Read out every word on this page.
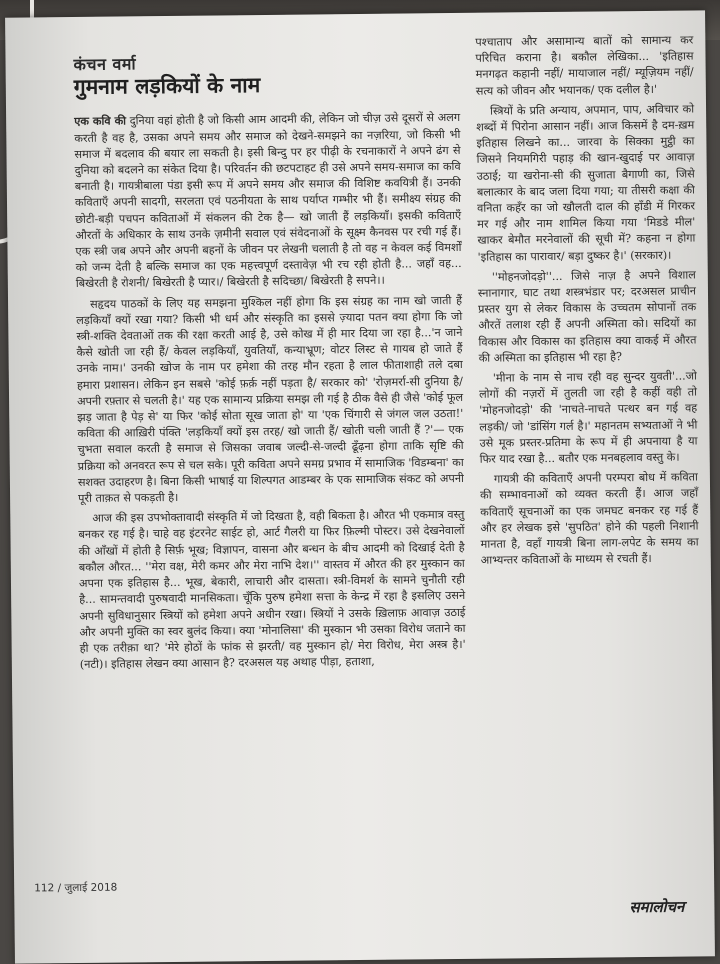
कंचन वर्मा
गुमनाम लड़कियों के नाम

एक कवि की दुनिया वहां होती है जो किसी आम आदमी की, लेकिन जो चीज़ उसे दूसरों से अलग करती है वह है, उसका अपने समय और समाज को देखने-समझने का नज़रिया, जो किसी भी समाज में बदलाव की बयार ला सकती है। इसी बिन्दु पर हर पीढ़ी के रचनाकारों ने अपने ढंग से दुनिया को बदलने का संकेत दिया है। परिवर्तन की छटपटाहट ही उसे अपने समय-समाज का कवि बनाती है। गायत्रीबाला पंडा इसी रूप में अपने समय और समाज की विशिष्ट कवयित्री हैं। उनकी कविताएँ अपनी सादगी, सरलता एवं पठनीयता के साथ पर्याप्त गम्भीर भी हैं। समीक्ष्य संग्रह की छोटी-बड़ी पचपन कविताओं में संकलन की टेक है— खो जाती हैं लड़कियाँ। इसकी कविताएँ औरतों के अधिकार के साथ उनके ज़मीनी सवाल एवं संवेदनाओं के सूक्ष्म कैनवस पर रची गई हैं। एक स्त्री जब अपने और अपनी बहनों के जीवन पर लेखनी चलाती है तो वह न केवल कई विमर्शों को जन्म देती है बल्कि समाज का एक महत्त्वपूर्ण दस्तावेज़ भी रच रही होती है... जहाँ वह... बिखेरती है रोशनी/ बिखेरती है प्यार।/ बिखेरती है सदिच्छा/ बिखेरती है सपने।।

सहृदय पाठकों के लिए यह समझना मुश्किल नहीं होगा कि इस संग्रह का नाम खो जाती हैं लड़कियाँ क्यों रखा गया? किसी भी धर्म और संस्कृति का इससे ज़्यादा पतन क्या होगा कि जो स्त्री-शक्ति देवताओं तक की रक्षा करती आई है, उसे कोख में ही मार दिया जा रहा है...'न जाने कैसे खोती जा रही हैं/ केवल लड़कियाँ, युवतियाँ, कन्याभ्रूण; वोटर लिस्ट से गायब हो जाते हैं उनके नाम।' उनकी खोज के नाम पर हमेशा की तरह मौन रहता है लाल फीताशाही तले दबा हमारा प्रशासन। लेकिन इन सबसे 'कोई फ़र्क़ नहीं पड़ता है/ सरकार को' 'रोज़मर्रा-सी दुनिया है/ अपनी रफ़्तार से चलती है।' यह एक सामान्य प्रक्रिया समझ ली गई है ठीक वैसे ही जैसे 'कोई फूल झड़ जाता है पेड़ से' या फिर 'कोई सोता सूख जाता हो' या 'एक चिंगारी से जंगल जल उठता!' कविता की आख़िरी पंक्ति 'लड़कियाँ क्यों इस तरह/ खो जाती हैं/ खोती चली जाती हैं ?'— एक चुभता सवाल करती है समाज से जिसका जवाब जल्दी-से-जल्दी ढूँढ़ना होगा ताकि सृष्टि की प्रक्रिया को अनवरत रूप से चल सके। पूरी कविता अपने समग्र प्रभाव में सामाजिक 'विडम्बना' का सशक्त उदाहरण है। बिना किसी भाषाई या शिल्पगत आडम्बर के एक सामाजिक संकट को अपनी पूरी ताक़त से पकड़ती है।

आज की इस उपभोक्तावादी संस्कृति में जो दिखता है, वही बिकता है। औरत भी एकमात्र वस्तु बनकर रह गई है। चाहे वह इंटरनेट साईट हो, आर्ट गैलरी या फिर फ़िल्मी पोस्टर। उसे देखनेवालों की आँखों में होती है सिर्फ़ भूख; विज्ञापन, वासना और बन्धन के बीच आदमी को दिखाई देती है बकौल औरत... ''मेरा वक्ष, मेरी कमर और मेरा नाभि देश।'' वास्तव में औरत की हर मुस्कान का अपना एक इतिहास है... भूख, बेकारी, लाचारी और दासता। स्त्री-विमर्श के सामने चुनौती रही है... सामन्तवादी पुरुषवादी मानसिकता। चूँकि पुरुष हमेशा सत्ता के केन्द्र में रहा है इसलिए उसने अपनी सुविधानुसार स्त्रियों को हमेशा अपने अधीन रखा। स्त्रियों ने उसके ख़िलाफ़ आवाज़ उठाई और अपनी मुक्ति का स्वर बुलंद किया। क्या 'मोनालिसा' की मुस्कान भी उसका विरोध जताने का ही एक तरीक़ा था? 'मेरे होठों के फांक से झरती/ वह मुस्कान हो/ मेरा विरोध, मेरा अस्त्र है।' (नटी)। इतिहास लेखन क्या आसान है? दरअसल यह अथाह पीड़ा, हताशा,

पश्चाताप और असामान्य बातों को सामान्य कर परिचित कराना है। बकौल लेखिका... 'इतिहास मनगढ़त कहानी नहीं/ मायाजाल नहीं/ म्यूज़ियम नहीं/ सत्य को जीवन और भयानक/ एक दलील है।'

स्त्रियों के प्रति अन्याय, अपमान, पाप, अविचार को शब्दों में पिरोना आसान नहीं। आज किसमें है दम-ख़म इतिहास लिखने का... जारवा के सिक्का मुट्ठी का जिसने नियमगिरी पहाड़ की खान-खुदाई पर आवाज़ उठाई; या खरोना-सी की सुजाता बैगाणी का, जिसे बलात्कार के बाद जला दिया गया; या तीसरी कक्षा की वनिता कहँर का जो खौलती दाल की हाँडी में गिरकर मर गई और नाम शामिल किया गया 'मिडडे मील' खाकर बेमौत मरनेवालों की सूची में? कहना न होगा 'इतिहास का पारावार/ बड़ा दुष्कर है।' (सरकार)।

''मोहनजोदड़ो''... जिसे नाज़ है अपने विशाल स्नानागार, घाट तथा शस्त्रभंडार पर; दरअसल प्राचीन प्रस्तर युग से लेकर विकास के उच्चतम सोपानों तक औरतें तलाश रही हैं अपनी अस्मिता को। सदियों का विकास और विकास का इतिहास क्या वाकई में औरत की अस्मिता का इतिहास भी रहा है?

'मीना के नाम से नाच रही वह सुन्दर युवती'...जो लोगों की नज़रों में तुलती जा रही है कहीं वही तो 'मोहनजोदड़ो' की 'नाचते-नाचते पत्थर बन गई वह लड़की/ जो 'डांसिंग गर्ल है।' महानतम सभ्यताओं ने भी उसे मूक प्रस्तर-प्रतिमा के रूप में ही अपनाया है या फिर याद रखा है... बतौर एक मनबहलाव वस्तु के।

गायत्री की कविताएँ अपनी परम्परा बोध में कविता की सम्भावनाओं को व्यक्त करती हैं। आज जहाँ कविताएँ सूचनाओं का एक जमघट बनकर रह गई हैं और हर लेखक इसे 'सुपठित' होने की पहली निशानी मानता है, वहाँ गायत्री बिना लाग-लपेट के समय का आभ्यन्तर कविताओं के माध्यम से रचती हैं।

112 / जुलाई 2018
समालोचन
